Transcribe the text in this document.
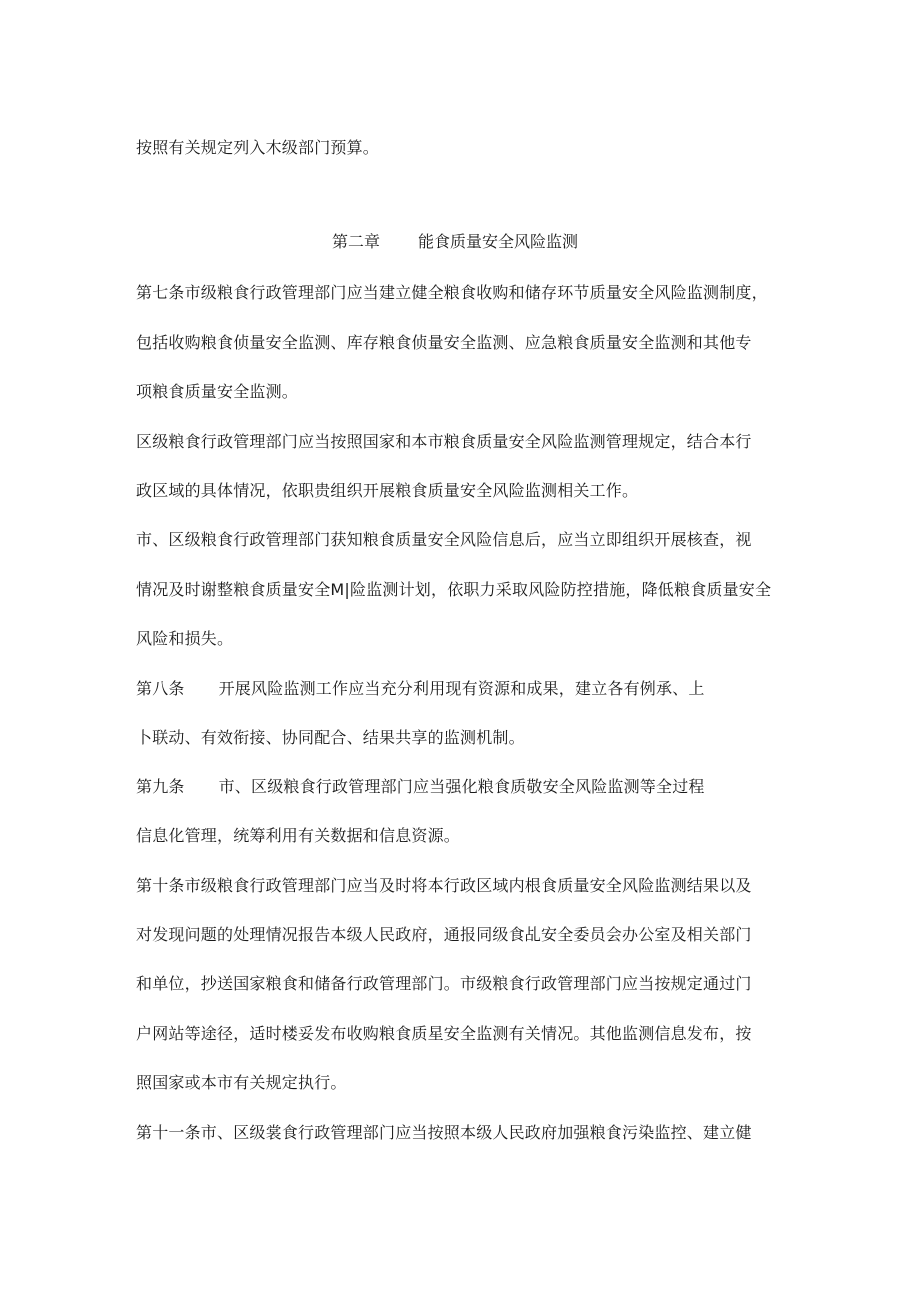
按照有关规定列入木级部门预算。
第二章 能食质量安全风险监测
第七条市级粮食行政管理部门应当建立健全粮食收购和储存环节质量安全风险监测制度，
包括收购粮食侦量安全监测、库存粮食侦量安全监测、应急粮食质量安全监测和其他专
项粮食质量安全监测。
区级粮食行政管理部门应当按照国家和本市粮食质量安全风险监测管理规定，结合本行
政区域的具体情况，依职贵组织开展粮食质量安全风险监测相关工作。
市、区级粮食行政管理部门获知粮食质量安全风险信息后，应当立即组织开展核查，视
情况及时谢整粮食质量安全M|险监测计划，依职力采取风险防控措施，降低粮食质量安全
风险和损失。
第八条 开展风险监测工作应当充分利用现有资源和成果，建立各有例承、上
卜联动、有效衔接、协同配合、结果共享的监测机制。
第九条 市、区级粮食行政管理部门应当强化粮食质敬安全风险监测等全过程
信息化管理，统筹利用有关数据和信息资源。
第十条市级粮食行政管理部门应当及时将本行政区域内根食质量安全风险监测结果以及
对发现问题的处理情况报告本级人民政府，通报同级食乩安全委员会办公室及相关部门
和单位，抄送国家粮食和储备行政管理部门。市级粮食行政管理部门应当按规定通过门
户网站等途径，适时楼妥发布收购粮食质星安全监测有关情况。其他监测信息发布，按
照国家或本市有关规定执行。
第十一条市、区级裳食行政管理部门应当按照本级人民政府加强粮食污染监控、建立健
